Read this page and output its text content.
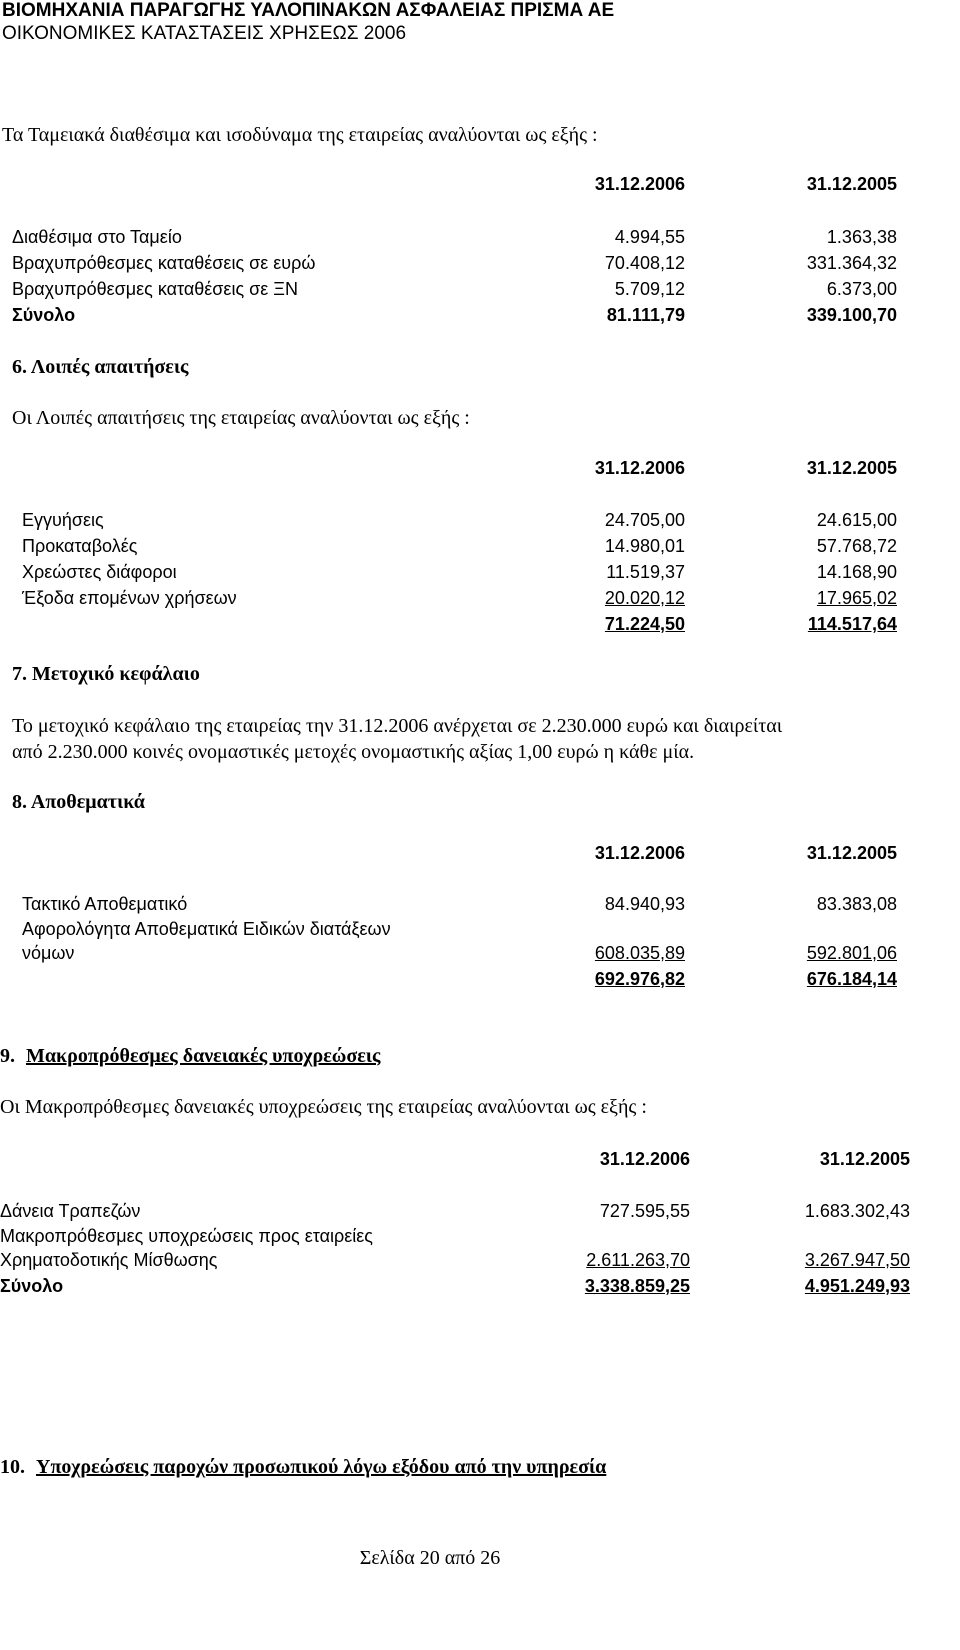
ΒΙΟΜΗΧΑΝΙΑ ΠΑΡΑΓΩΓΗΣ ΥΑΛΟΠΙΝΑΚΩΝ ΑΣΦΑΛΕΙΑΣ ΠΡΙΣΜΑ ΑΕ
ΟΙΚΟΝΟΜΙΚΕΣ ΚΑΤΑΣΤΑΣΕΙΣ ΧΡΗΣΕΩΣ 2006
Τα Ταμειακά διαθέσιμα και ισοδύναμα της εταιρείας αναλύονται ως εξής :
31.12.2006	31.12.2005
Διαθέσιμα στο Ταμείο	4.994,55	1.363,38
Βραχυπρόθεσμες καταθέσεις σε ευρώ	70.408,12	331.364,32
Βραχυπρόθεσμες καταθέσεις σε ΞΝ	5.709,12	6.373,00
Σύνολο	81.111,79	339.100,70
6. Λοιπές απαιτήσεις
Οι Λοιπές απαιτήσεις της εταιρείας αναλύονται ως εξής :
31.12.2006	31.12.2005
Εγγυήσεις	24.705,00	24.615,00
Προκαταβολές	14.980,01	57.768,72
Χρεώστες διάφοροι	11.519,37	14.168,90
Έξοδα επομένων χρήσεων	20.020,12	17.965,02
71.224,50	114.517,64
7. Μετοχικό κεφάλαιο
Το μετοχικό κεφάλαιο της εταιρείας την 31.12.2006 ανέρχεται σε 2.230.000 ευρώ και διαιρείται
από 2.230.000 κοινές ονομαστικές μετοχές ονομαστικής αξίας 1,00 ευρώ η κάθε μία.
8. Αποθεματικά
31.12.2006	31.12.2005
Τακτικό Αποθεματικό	84.940,93	83.383,08
Αφορολόγητα Αποθεματικά Ειδικών διατάξεων
νόμων	608.035,89	592.801,06
692.976,82	676.184,14
9. Μακροπρόθεσμες δανειακές υποχρεώσεις
Οι Μακροπρόθεσμες δανειακές υποχρεώσεις της εταιρείας αναλύονται ως εξής :
31.12.2006	31.12.2005
Δάνεια Τραπεζών	727.595,55	1.683.302,43
Μακροπρόθεσμες υποχρεώσεις προς εταιρείες
Χρηματοδοτικής Μίσθωσης	2.611.263,70	3.267.947,50
Σύνολο	3.338.859,25	4.951.249,93
10. Υποχρεώσεις παροχών προσωπικού λόγω εξόδου από την υπηρεσία
Σελίδα 20 από 26
